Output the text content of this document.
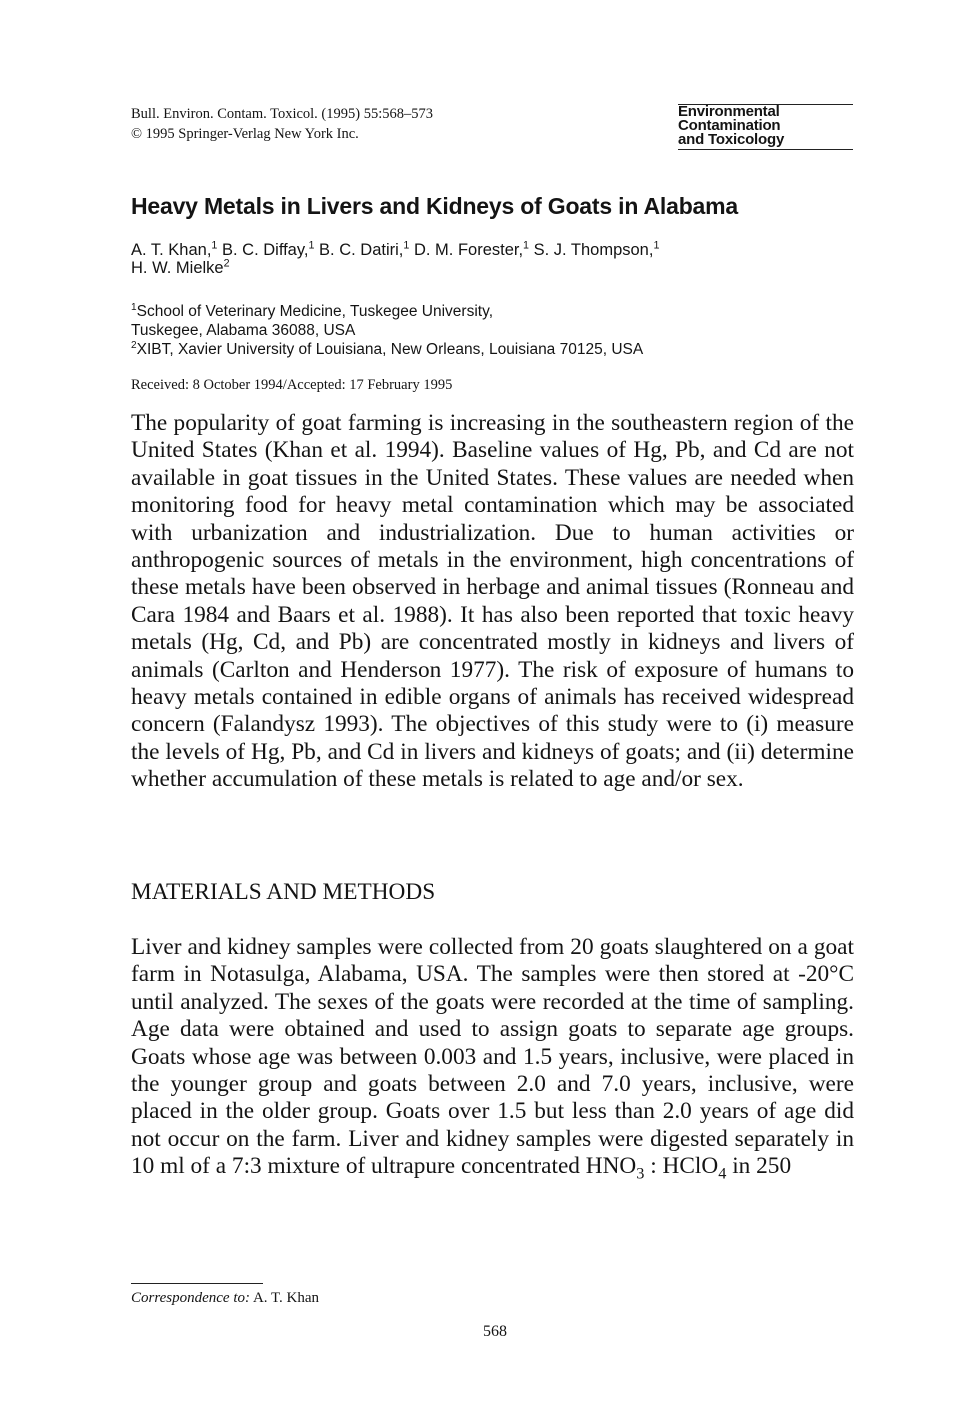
Bull. Environ. Contam. Toxicol. (1995) 55:568–573
© 1995 Springer-Verlag New York Inc.
Environmental
Contamination
and Toxicology
Heavy Metals in Livers and Kidneys of Goats in Alabama
A. T. Khan,$^1$ B. C. Diffay,$^1$ B. C. Datiri,$^1$ D. M. Forester,$^1$ S. J. Thompson,$^1$
H. W. Mielke$^2$
$^1$School of Veterinary Medicine, Tuskegee University,
Tuskegee, Alabama 36088, USA
$^2$XIBT, Xavier University of Louisiana, New Orleans, Louisiana 70125, USA
Received: 8 October 1994/Accepted: 17 February 1995
The popularity of goat farming is increasing in the southeastern region of the United States (Khan et al. 1994). Baseline values of Hg, Pb, and Cd are not available in goat tissues in the United States. These values are needed when monitoring food for heavy metal contamination which may be associated with urbanization and industrialization. Due to human activities or anthropogenic sources of metals in the environment, high concentrations of these metals have been observed in herbage and animal tissues (Ronneau and Cara 1984 and Baars et al. 1988). It has also been reported that toxic heavy metals (Hg, Cd, and Pb) are concentrated mostly in kidneys and livers of animals (Carlton and Henderson 1977). The risk of exposure of humans to heavy metals contained in edible organs of animals has received widespread concern (Falandysz 1993). The objectives of this study were to (i) measure the levels of Hg, Pb, and Cd in livers and kidneys of goats; and (ii) determine whether accumulation of these metals is related to age and/or sex.
MATERIALS AND METHODS
Liver and kidney samples were collected from 20 goats slaughtered on a goat farm in Notasulga, Alabama, USA. The samples were then stored at -20°C until analyzed. The sexes of the goats were recorded at the time of sampling. Age data were obtained and used to assign goats to separate age groups. Goats whose age was between 0.003 and 1.5 years, inclusive, were placed in the younger group and goats between 2.0 and 7.0 years, inclusive, were placed in the older group. Goats over 1.5 but less than 2.0 years of age did not occur on the farm. Liver and kidney samples were digested separately in 10 ml of a 7:3 mixture of ultrapure concentrated $HNO_3$ : HClO$_4$ in 250
Correspondence to: A. T. Khan
568
